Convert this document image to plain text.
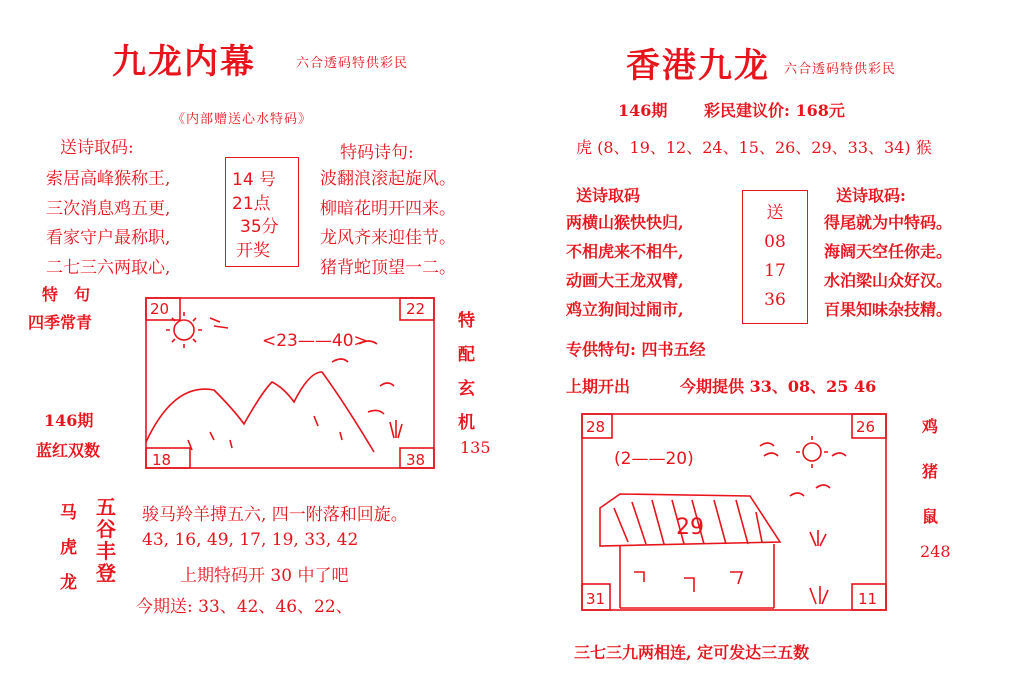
九龙内幕	六合透码特供彩民
《内部赠送心水特码》
送诗取码:
索居高峰猴称王,
三次消息鸡五更,
看家守户最称职,
二七三六两取心,
14 号
21点
35分
开奖
特码诗句:
波翻浪滚起旋风。
柳暗花明开四来。
龙风齐来迎佳节。
猪背蛇顶望一二。
特　句
四季常青
146期
蓝红双数
20	22
18	38
<23——40>
特
配
玄
机
135
马
虎
龙
五
谷
丰
登
骏马羚羊搏五六, 四一附落和回旋。
43, 16, 49, 17, 19, 33, 42
上期特码开 30 中了吧
今期送: 33、42、46、22、
香港九龙 六合透码特供彩民
146期 彩民建议价: 168元
虎 (8、19、12、24、15、26、29、33、34) 猴
送诗取码
两横山猴快快归,
不相虎来不相牛,
动画大王龙双臂,
鸡立狗间过闹市,
送
08
17
36
送诗取码:
得尾就为中特码。
海阔天空任你走。
水泊梁山众好汉。
百果知味杂技精。
专供特句: 四书五经
上期开出	今期提供 33、08、25 46
28	26
31	11
(2——20)
29
鸡
猪
鼠
248
三七三九两相连, 定可发达三五数
